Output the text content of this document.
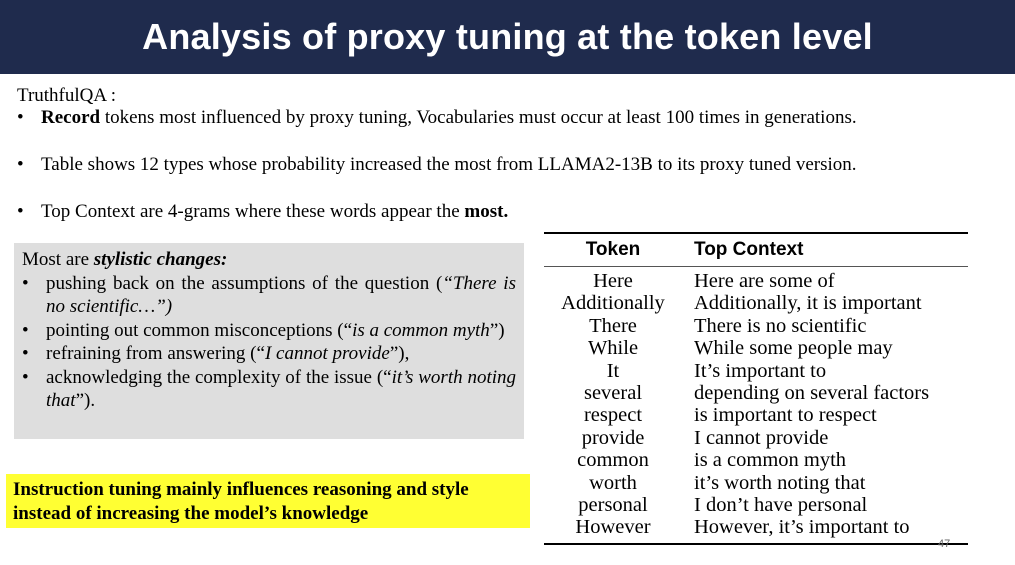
Analysis of proxy tuning at the token level
TruthfulQA :
• Record tokens most influenced by proxy tuning, Vocabularies must occur at least 100 times in generations.
• Table shows 12 types whose probability increased the most from LLAMA2-13B to its proxy tuned version.
• Top Context are 4-grams where these words appear the most.
Most are stylistic changes:
• pushing back on the assumptions of the question (“There is no scientific…”)
• pointing out common misconceptions (“is a common myth”)
• refraining from answering (“I cannot provide”),
• acknowledging the complexity of the issue (“it’s worth noting that”).
Instruction tuning mainly influences reasoning and style instead of increasing the model’s knowledge
Token	Top Context
Here	Here are some of
Additionally	Additionally, it is important
There	There is no scientific
While	While some people may
It	It’s important to
several	depending on several factors
respect	is important to respect
provide	I cannot provide
common	is a common myth
worth	it’s worth noting that
personal	I don’t have personal
However	However, it’s important to
47
